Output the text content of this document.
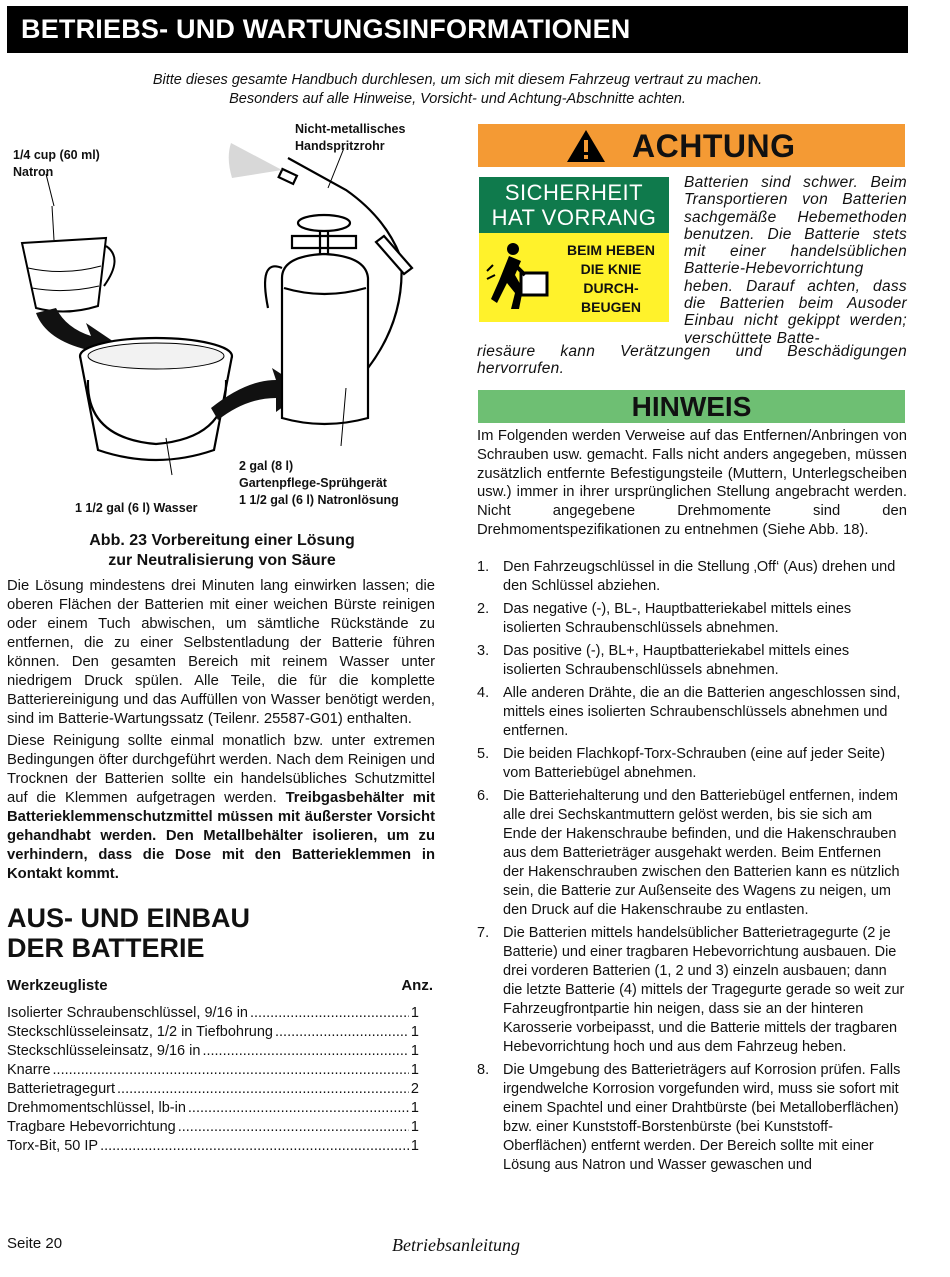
BETRIEBS- UND WARTUNGSINFORMATIONEN
Bitte dieses gesamte Handbuch durchlesen, um sich mit diesem Fahrzeug vertraut zu machen.
Besonders auf alle Hinweise, Vorsicht- und Achtung-Abschnitte achten.
1/4 cup (60 ml)
Natron
Nicht-metallisches
Handspritzrohr
2 gal (8 l)
Gartenpflege-Sprühgerät
1 1/2 gal (6 l) Natronlösung
1 1/2 gal (6 l) Wasser
Abb. 23 Vorbereitung einer Lösung
zur Neutralisierung von Säure
Die Lösung mindestens drei Minuten lang einwirken lassen; die oberen Flächen der Batterien mit einer weichen Bürste reinigen oder einem Tuch abwischen, um sämtliche Rückstände zu entfernen, die zu einer Selbstentladung der Batterie führen können. Den gesamten Bereich mit reinem Wasser unter niedrigem Druck spülen. Alle Teile, die für die komplette Batteriereinigung und das Auffüllen von Wasser benötigt werden, sind im Batterie-Wartungssatz (Teilenr. 25587-G01) enthalten.
Diese Reinigung sollte einmal monatlich bzw. unter extremen Bedingungen öfter durchgeführt werden. Nach dem Reinigen und Trocknen der Batterien sollte ein handelsübliches Schutzmittel auf die Klemmen aufgetragen werden. Treibgasbehälter mit Batterieklemmenschutzmittel müssen mit äußerster Vorsicht gehandhabt werden. Den Metallbehälter isolieren, um zu verhindern, dass die Dose mit den Batterieklemmen in Kontakt kommt.
AUS- UND EINBAU
DER BATTERIE
Werkzeugliste	Anz.
Isolierter Schraubenschlüssel, 9/16 in .....	1
Steckschlüsseleinsatz, 1/2 in Tiefbohrung .....	1
Steckschlüsseleinsatz, 9/16 in .....	1
Knarre .....	1
Batterietragegurt .....	2
Drehmomentschlüssel, lb-in .....	1
Tragbare Hebevorrichtung .....	1
Torx-Bit, 50 IP .....	1
ACHTUNG
SICHERHEIT
HAT VORRANG
BEIM HEBEN
DIE KNIE
DURCH-
BEUGEN
Batterien sind schwer. Beim Transportieren von Batterien sachgemäße Hebemethoden benutzen. Die Batterie stets mit einer handelsüblichen Batterie-Hebevorrichtung heben. Darauf achten, dass die Batterien beim Ausoder Einbau nicht gekippt werden; verschüttete Batte-
riesäure kann Verätzungen und Beschädigungen hervorrufen.
HINWEIS
Im Folgenden werden Verweise auf das Entfernen/Anbringen von Schrauben usw. gemacht. Falls nicht anders angegeben, müssen zusätzlich entfernte Befestigungsteile (Muttern, Unterlegscheiben usw.) immer in ihrer ursprünglichen Stellung angebracht werden. Nicht angegebene Drehmomente sind den Drehmomentspezifikationen zu entnehmen (Siehe Abb. 18).
1. Den Fahrzeugschlüssel in die Stellung ‚Off‘ (Aus) drehen und den Schlüssel abziehen.
2. Das negative (-), BL-, Hauptbatteriekabel mittels eines isolierten Schraubenschlüssels abnehmen.
3. Das positive (-), BL+, Hauptbatteriekabel mittels eines isolierten Schraubenschlüssels abnehmen.
4. Alle anderen Drähte, die an die Batterien angeschlossen sind, mittels eines isolierten Schraubenschlüssels abnehmen und entfernen.
5. Die beiden Flachkopf-Torx-Schrauben (eine auf jeder Seite) vom Batteriebügel abnehmen.
6. Die Batteriehalterung und den Batteriebügel entfernen, indem alle drei Sechskantmuttern gelöst werden, bis sie sich am Ende der Hakenschraube befinden, und die Hakenschrauben aus dem Batterieträger ausgehakt werden. Beim Entfernen der Hakenschrauben zwischen den Batterien kann es nützlich sein, die Batterie zur Außenseite des Wagens zu neigen, um den Druck auf die Hakenschraube zu entlasten.
7. Die Batterien mittels handelsüblicher Batterietragegurte (2 je Batterie) und einer tragbaren Hebevorrichtung ausbauen. Die drei vorderen Batterien (1, 2 und 3) einzeln ausbauen; dann die letzte Batterie (4) mittels der Tragegurte gerade so weit zur Fahrzeugfrontpartie hin neigen, dass sie an der hinteren Karosserie vorbeipasst, und die Batterie mittels der tragbaren Hebevorrichtung hoch und aus dem Fahrzeug heben.
8. Die Umgebung des Batterieträgers auf Korrosion prüfen. Falls irgendwelche Korrosion vorgefunden wird, muss sie sofort mit einem Spachtel und einer Drahtbürste (bei Metalloberflächen) bzw. einer Kunststoff-Borstenbürste (bei Kunststoff-Oberflächen) entfernt werden. Der Bereich sollte mit einer Lösung aus Natron und Wasser gewaschen und
Seite 20	Betriebsanleitung
